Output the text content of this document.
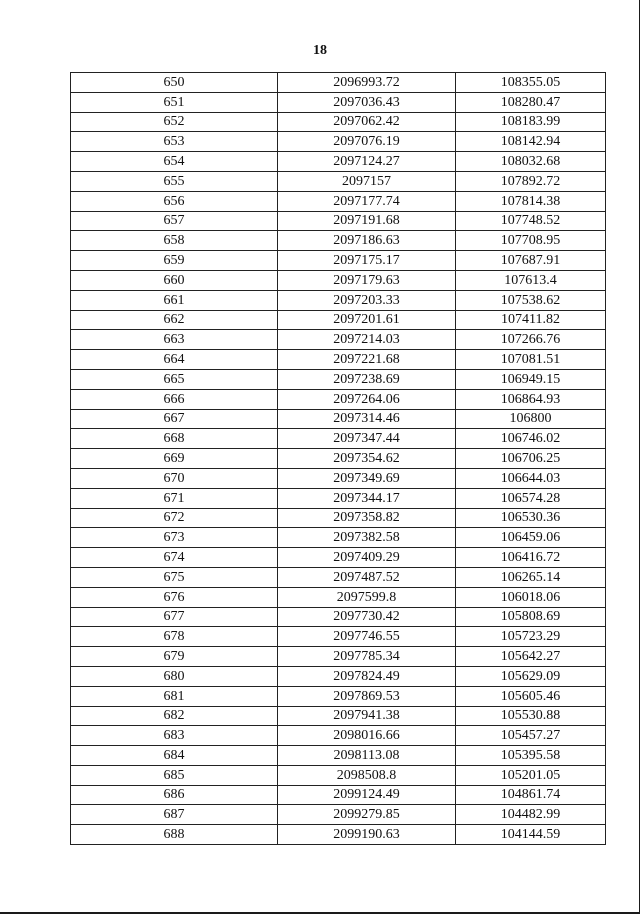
18
650	2096993.72	108355.05
651	2097036.43	108280.47
652	2097062.42	108183.99
653	2097076.19	108142.94
654	2097124.27	108032.68
655	2097157	107892.72
656	2097177.74	107814.38
657	2097191.68	107748.52
658	2097186.63	107708.95
659	2097175.17	107687.91
660	2097179.63	107613.4
661	2097203.33	107538.62
662	2097201.61	107411.82
663	2097214.03	107266.76
664	2097221.68	107081.51
665	2097238.69	106949.15
666	2097264.06	106864.93
667	2097314.46	106800
668	2097347.44	106746.02
669	2097354.62	106706.25
670	2097349.69	106644.03
671	2097344.17	106574.28
672	2097358.82	106530.36
673	2097382.58	106459.06
674	2097409.29	106416.72
675	2097487.52	106265.14
676	2097599.8	106018.06
677	2097730.42	105808.69
678	2097746.55	105723.29
679	2097785.34	105642.27
680	2097824.49	105629.09
681	2097869.53	105605.46
682	2097941.38	105530.88
683	2098016.66	105457.27
684	2098113.08	105395.58
685	2098508.8	105201.05
686	2099124.49	104861.74
687	2099279.85	104482.99
688	2099190.63	104144.59
